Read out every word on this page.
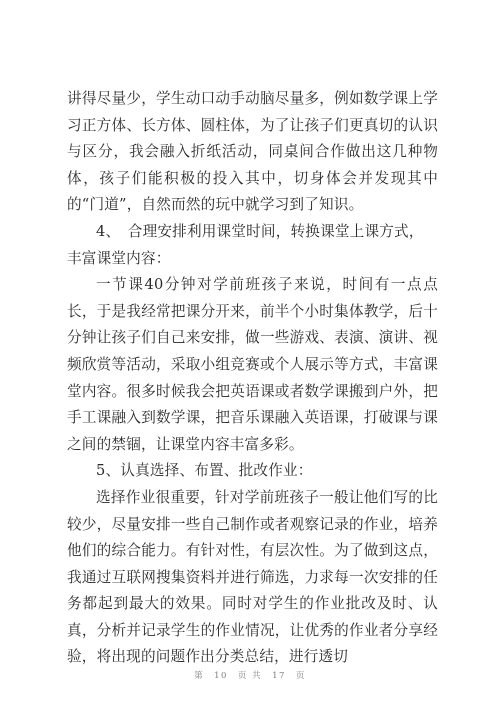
讲得尽量少，学生动口动手动脑尽量多，例如数学课上学习正方体、长方体、圆柱体，为了让孩子们更真切的认识与区分，我会融入折纸活动，同桌间合作做出这几种物体，孩子们能积极的投入其中，切身体会并发现其中的“门道”，自然而然的玩中就学习到了知识。

4、　合理安排利用课堂时间，转换课堂上课方式，丰富课堂内容：

一节课40分钟对学前班孩子来说，时间有一点点长，于是我经常把课分开来，前半个小时集体教学，后十分钟让孩子们自己来安排，做一些游戏、表演、演讲、视频欣赏等活动，采取小组竞赛或个人展示等方式，丰富课堂内容。很多时候我会把英语课或者数学课搬到户外，把手工课融入到数学课，把音乐课融入英语课，打破课与课之间的禁锢，让课堂内容丰富多彩。

5、认真选择、布置、批改作业：

选择作业很重要，针对学前班孩子一般让他们写的比较少，尽量安排一些自己制作或者观察记录的作业，培养他们的综合能力。有针对性，有层次性。为了做到这点，我通过互联网搜集资料并进行筛选，力求每一次安排的任务都起到最大的效果。同时对学生的作业批改及时、认真，分析并记录学生的作业情况，让优秀的作业者分享经验，将出现的问题作出分类总结，进行透切

第　10　页 共　17　页
